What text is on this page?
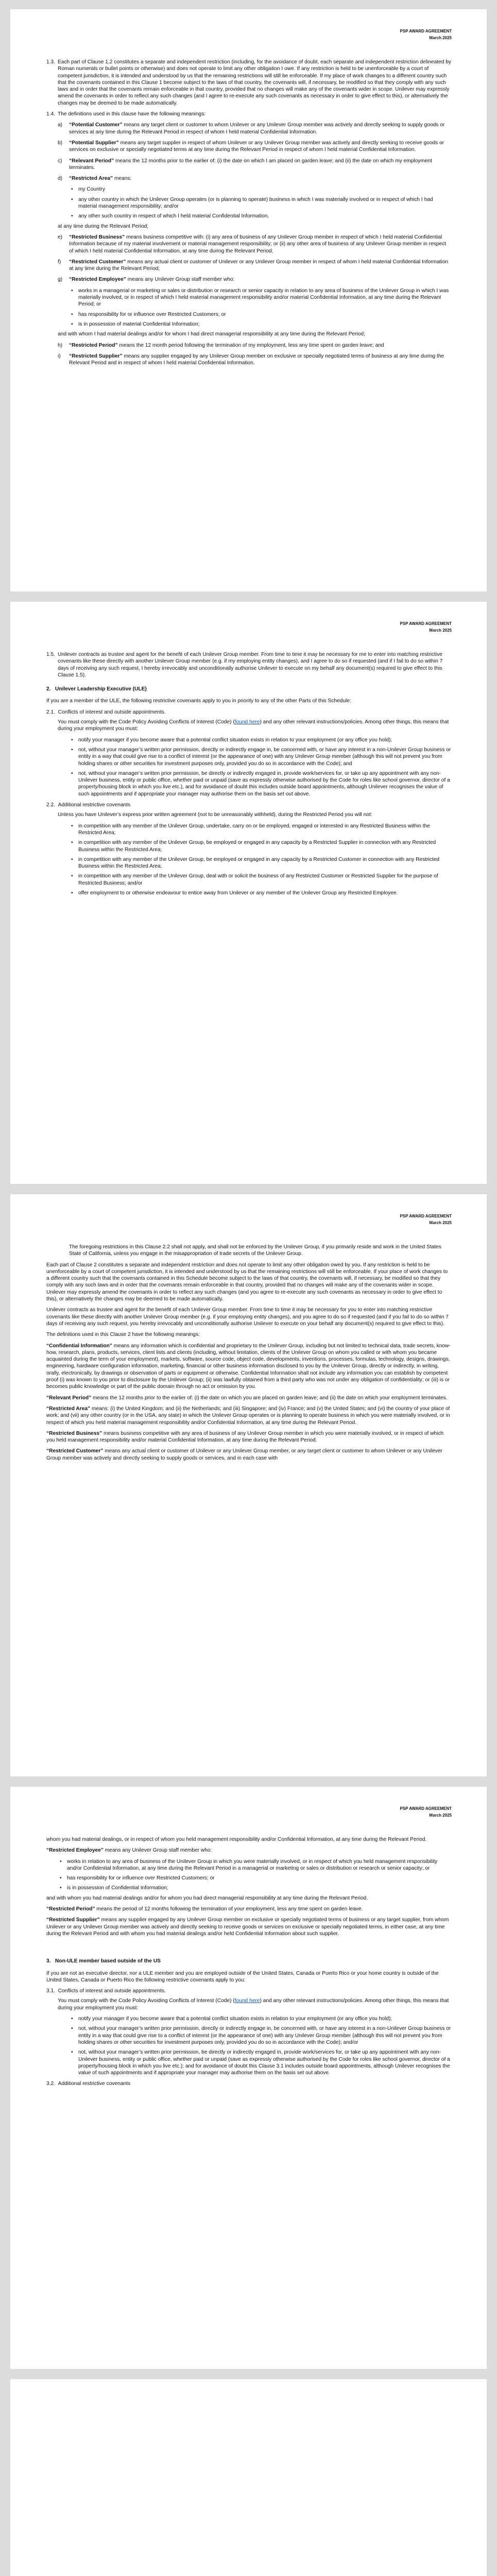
PSP AWARD AGREEMENT
March 2025
1.3. Each part of Clause 1.2 constitutes a separate and independent restriction (including, for the avoidance of doubt, each separate and independent restriction delineated by Roman numerals or bullet points or otherwise) and does not operate to limit any other obligation I owe. If any restriction is held to be unenforceable by a court of competent jurisdiction, it is intended and understood by us that the remaining restrictions will still be enforceable. If my place of work changes to a different country such that the covenants contained in this Clause 1 become subject to the laws of that country, the covenants will, if necessary, be modified so that they comply with any such laws and in order that the covenants remain enforceable in that country, provided that no changes will make any of the covenants wider in scope. Unilever may expressly amend the covenants in order to reflect any such changes (and I agree to re-execute any such covenants as necessary in order to give effect to this), or alternatively the changes may be deemed to be made automatically.
1.4. The definitions used in this clause have the following meanings:
a)	“Potential Customer” means any target client or customer to whom Unilever or any Unilever Group member was actively and directly seeking to supply goods or services at any time during the Relevant Period in respect of whom I held material Confidential Information.
b)	“Potential Supplier” means any target supplier in respect of whom Unilever or any Unilever Group member was actively and directly seeking to receive goods or services on exclusive or specially negotiated terms at any time during the Relevant Period in respect of whom I held material Confidential Information.
c)	“Relevant Period” means the 12 months prior to the earlier of: (i) the date on which I am placed on garden leave; and (ii) the date on which my employment terminates.
d)	“Restricted Area” means:
• my Country
• any other country in which the Unilever Group operates (or is planning to operate) business in which I was materially involved or in respect of which I had material management responsibility; and/or
• any other such country in respect of which I held material Confidential Information,

at any time during the Relevant Period;

e)	“Restricted Business” means business competitive with: (i) any area of business of any Unilever Group member in respect of which I held material Confidential Information because of my material involvement or material management responsibility; or (ii) any other area of business of any Unilever Group member in respect of which I held material Confidential Information, at any time during the Relevant Period;
f)	“Restricted Customer” means any actual client or customer of Unilever or any Unilever Group member in respect of whom I held material Confidential Information at any time during the Relevant Period;
g)	“Restricted Employee” means any Unilever Group staff member who:
• works in a managerial or marketing or sales or distribution or research or senior capacity in relation to any area of business of the Unilever Group in which I was materially involved, or in respect of which I held material management responsibility and/or material Confidential Information, at any time during the Relevant Period; or
• has responsibility for or influence over Restricted Customers; or
• is in possession of material Confidential Information;

and with whom I had material dealings and/or for whom I had direct managerial responsibility at any time during the Relevant Period;

h)	“Restricted Period” means the 12 month period following the termination of my employment, less any time spent on garden leave; and
i)	“Restricted Supplier” means any supplier engaged by any Unilever Group member on exclusive or specially negotiated terms of business at any time during the Relevant Period and in respect of whom I held material Confidential Information.
PSP AWARD AGREEMENT
March 2025
1.5. Unilever contracts as trustee and agent for the benefit of each Unilever Group member. From time to time it may be necessary for me to enter into matching restrictive covenants like these directly with another Unilever Group member (e.g. if my employing entity changes), and I agree to do so if requested (and if I fail to do so within 7 days of receiving any such request, I hereby irrevocably and unconditionally authorise Unilever to execute on my behalf any document(s) required to give effect to this Clause 1.5).
2.   Unilever Leadership Executive (ULE)

If you are a member of the ULE, the following restrictive covenants apply to you in priority to any of the other Parts of this Schedule:

2.1.  Conflicts of interest and outside appointments.

You must comply with the Code Policy Avoiding Conflicts of Interest (Code) (found here) and any other relevant instructions/policies. Among other things, this means that during your employment you must:

• notify your manager if you become aware that a potential conflict situation exists in relation to your employment (or any office you hold);
• not, without your manager’s written prior permission, directly or indirectly engage in, be concerned with, or have any interest in a non-Unilever Group business or entity in a way that could give rise to a conflict of interest (or the appearance of one) with any Unilever Group member (although this will not prevent you from holding shares or other securities for investment purposes only, provided you do so in accordance with the Code); and
• not, without your manager’s written prior permission, be directly or indirectly engaged in, provide work/services for, or take up any appointment with any non-Unilever business, entity or public office, whether paid or unpaid (save as expressly otherwise authorised by the Code for roles like school governor, director of a property/housing block in which you live etc.), and for avoidance of doubt this includes outside board appointments, although Unilever recognises the value of such appointments and if appropriate your manager may authorise them on the basis set out above.
2.2.  Additional restrictive covenants

Unless you have Unilever’s express prior written agreement (not to be unreasonably withheld), during the Restricted Period you will not:

• in competition with any member of the Unilever Group, undertake, carry on or be employed, engaged or interested in any Restricted Business within the Restricted Area;
• in competition with any member of the Unilever Group, be employed or engaged in any capacity by a Restricted Supplier in connection with any Restricted Business within the Restricted Area;
• in competition with any member of the Unilever Group, be employed or engaged in any capacity by a Restricted Customer in connection with any Restricted Business within the Restricted Area;
• in competition with any member of the Unilever Group, deal with or solicit the business of any Restricted Customer or Restricted Supplier for the purpose of Restricted Business; and/or
• offer employment to or otherwise endeavour to entice away from Unilever or any member of the Unilever Group any Restricted Employee.
PSP AWARD AGREEMENT
March 2025

The foregoing restrictions in this Clause 2.2 shall not apply, and shall not be enforced by the Unilever Group, if you primarily reside and work in the United States State of California, unless you engage in the misappropriation of trade secrets of the Unilever Group.

Each part of Clause 2 constitutes a separate and independent restriction and does not operate to limit any other obligation owed by you. If any restriction is held to be unenforceable by a court of competent jurisdiction, it is intended and understood by us that the remaining restrictions will still be enforceable. If your place of work changes to a different country such that the covenants contained in this Schedule become subject to the laws of that country, the covenants will, if necessary, be modified so that they comply with any such laws and in order that the covenants remain enforceable in that country, provided that no changes will make any of the covenants wider in scope. Unilever may expressly amend the covenants in order to reflect any such changes (and you agree to re-execute any such covenants as necessary in order to give effect to this), or alternatively the changes may be deemed to be made automatically.

Unilever contracts as trustee and agent for the benefit of each Unilever Group member. From time to time it may be necessary for you to enter into matching restrictive covenants like these directly with another Unilever Group member (e.g. if your employing entity changes), and you agree to do so if requested (and if you fail to do so within 7 days of receiving any such request, you hereby irrevocably and unconditionally authorise Unilever to execute on your behalf any document(s) required to give effect to this).

The definitions used in this Clause 2 have the following meanings:

“Confidential Information” means any information which is confidential and proprietary to the Unilever Group, including but not limited to technical data, trade secrets, know-how, research, plans, products, services, client lists and clients (including, without limitation, clients of the Unilever Group on whom you called or with whom you became acquainted during the term of your employment), markets, software, source code, object code, developments, inventions, processes, formulas, technology, designs, drawings, engineering, hardware configuration information, marketing, financial or other business information disclosed to you by the Unilever Group, directly or indirectly, in writing, orally, electronically, by drawings or observation of parts or equipment or otherwise. Confidential Information shall not include any information you can establish by competent proof (i) was known to you prior to disclosure by the Unilever Group; (ii) was lawfully obtained from a third party who was not under any obligation of confidentiality; or (iii) is or becomes public knowledge or part of the public domain through no act or omission by you.

“Relevant Period” means the 12 months prior to the earlier of: (i) the date on which you are placed on garden leave; and (ii) the date on which your employment terminates.

“Restricted Area” means: (i) the United Kingdom; and (ii) the Netherlands; and (iii) Singapore; and (iv) France; and (v) the United States; and (vi) the country of your place of work; and (vii) any other country (or in the USA, any state) in which the Unilever Group operates or is planning to operate business in which you were materially involved, or in respect of which you held material management responsibility and/or Confidential Information, at any time during the Relevant Period.

“Restricted Business” means business competitive with any area of business of any Unilever Group member in which you were materially involved, or in respect of which you held management responsibility and/or material Confidential Information, at any time during the Relevant Period.

“Restricted Customer” means any actual client or customer of Unilever or any Unilever Group member, or any target client or customer to whom Unilever or any Unilever Group member was actively and directly seeking to supply goods or services, and in each case with

PSP AWARD AGREEMENT
March 2025

whom you had material dealings, or in respect of whom you held management responsibility and/or Confidential Information, at any time during the Relevant Period.

“Restricted Employee” means any Unilever Group staff member who:

• works in relation to any area of business of the Unilever Group in which you were materially involved, or in respect of which you held management responsibility and/or Confidential Information, at any time during the Relevant Period in a managerial or marketing or sales or distribution or research or senior capacity; or
• has responsibility for or influence over Restricted Customers; or
• is in possession of Confidential Information;

and with whom you had material dealings and/or for whom you had direct managerial responsibility at any time during the Relevant Period.

“Restricted Period” means the period of 12 months following the termination of your employment, less any time spent on garden leave.

“Restricted Supplier” means any supplier engaged by any Unilever Group member on exclusive or specially negotiated terms of business or any target supplier, from whom Unilever or any Unilever Group member was actively and directly seeking to receive goods or services on exclusive or specially negotiated terms, in either case, at any time during the Relevant Period and with whom you had material dealings and/or held Confidential Information about such supplier.

3.   Non-ULE member based outside of the US

If you are not an executive director, nor a ULE member and you are employed outside of the United States, Canada or Puerto Rico or your home country is outside of the United States, Canada or Puerto Rico the following restrictive covenants apply to you:

3.1.  Conflicts of interest and outside appointments.

You must comply with the Code Policy Avoiding Conflicts of Interest (Code) (found here) and any other relevant instructions/policies. Among other things, this means that during your employment you must:

• notify your manager if you become aware that a potential conflict situation exists in relation to your employment (or any office you hold);
• not, without your manager’s written prior permission, directly or indirectly engage in, be concerned with, or have any interest in a non-Unilever Group business or entity in a way that could give rise to a conflict of interest (or the appearance of one) with any Unilever Group member (although this will not prevent you from holding shares or other securities for investment purposes only, provided you do so in accordance with the Code); and/or
• not, without your manager’s written prior permission, be directly or indirectly engaged in, provide work/services for, or take up any appointment with any non-Unilever business, entity or public office, whether paid or unpaid (save as expressly otherwise authorised by the Code for roles like school governor, director of a property/housing block in which you live etc.); and for avoidance of doubt this Clause 3.1 includes outside board appointments, although Unilever recognises the value of such appointments and if appropriate your manager may authorise them on the basis set out above.
3.2.  Additional restrictive covenants
